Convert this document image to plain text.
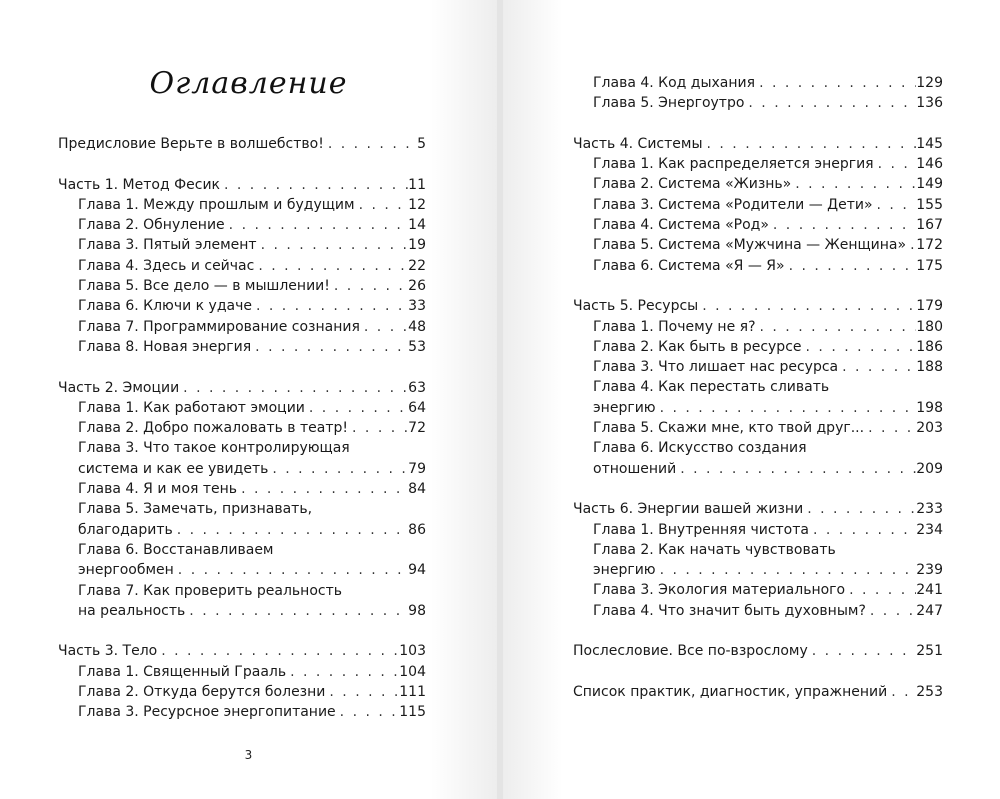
Оглавление
Предисловие Верьте в волшебство! . . .	5
Часть 1. Метод Фесик . . .	11
Глава 1. Между прошлым и будущим . . .	12
Глава 2. Обнуление . . .	14
Глава 3. Пятый элемент . . .	19
Глава 4. Здесь и сейчас . . .	22
Глава 5. Все дело — в мышлении! . . .	26
Глава 6. Ключи к удаче . . .	33
Глава 7. Программирование сознания . . .	48
Глава 8. Новая энергия . . .	53
Часть 2. Эмоции . . .	63
Глава 1. Как работают эмоции . . .	64
Глава 2. Добро пожаловать в театр! . . .	72
Глава 3. Что такое контролирующая
система и как ее увидеть . . .	79
Глава 4. Я и моя тень . . .	84
Глава 5. Замечать, признавать,
благодарить . . .	86
Глава 6. Восстанавливаем
энергообмен . . .	94
Глава 7. Как проверить реальность
на реальность . . .	98
Часть 3. Тело . . .	103
Глава 1. Священный Грааль . . .	104
Глава 2. Откуда берутся болезни . . .	111
Глава 3. Ресурсное энергопитание . . .	115
3
Глава 4. Код дыхания . . .	129
Глава 5. Энергоутро . . .	136
Часть 4. Системы . . .	145
Глава 1. Как распределяется энергия . . .	146
Глава 2. Система «Жизнь» . . .	149
Глава 3. Система «Родители — Дети» . . .	155
Глава 4. Система «Род» . . .	167
Глава 5. Система «Мужчина — Женщина» . . . 172
Глава 6. Система «Я — Я» . . .	175
Часть 5. Ресурсы . . .	179
Глава 1. Почему не я? . . .	180
Глава 2. Как быть в ресурсе . . .	186
Глава 3. Что лишает нас ресурса . . .	188
Глава 4. Как перестать сливать
энергию . . .	198
Глава 5. Скажи мне, кто твой друг... . . .	203
Глава 6. Искусство создания
отношений . . .	209
Часть 6. Энергии вашей жизни . . .	233
Глава 1. Внутренняя чистота . . .	234
Глава 2. Как начать чувствовать
энергию . . .	239
Глава 3. Экология материального . . .	241
Глава 4. Что значит быть духовным? . . .	247
Послесловие. Все по-взрослому . . .	251
Список практик, диагностик, упражнений . . . 253
